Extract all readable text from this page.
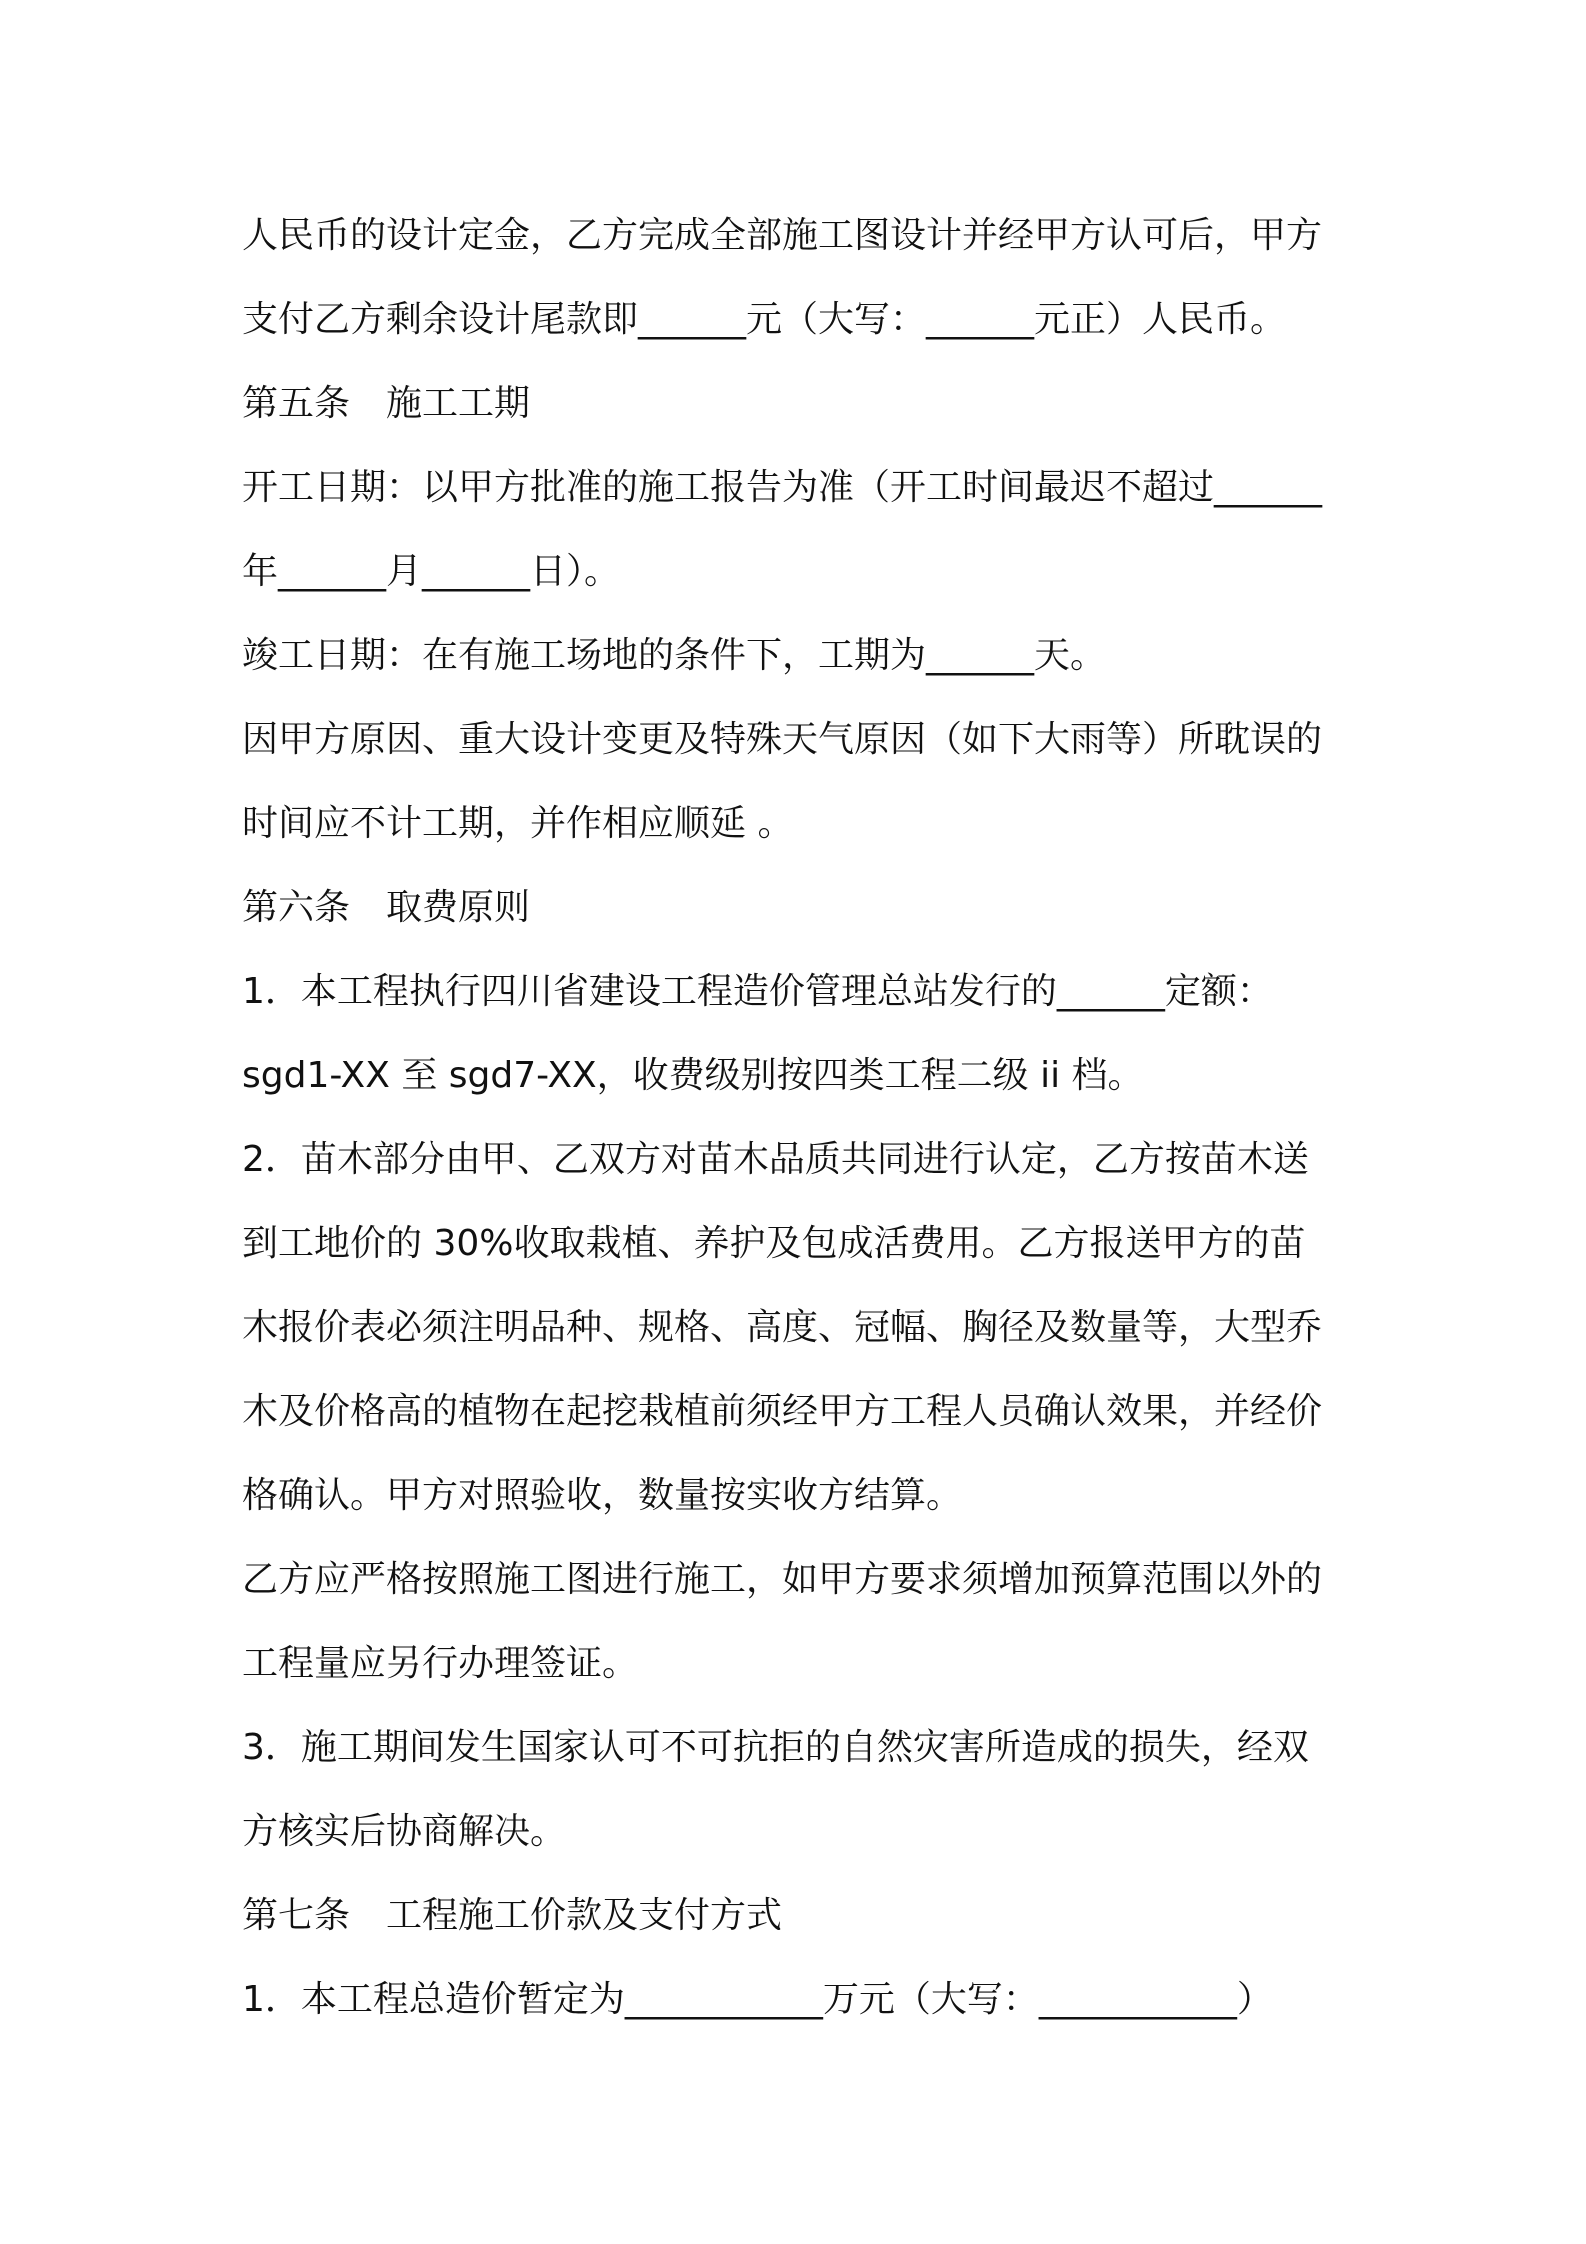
人民币的设计定金，乙方完成全部施工图设计并经甲方认可后，甲方
支付乙方剩余设计尾款即______元（大写：______元正）人民币。
第五条　施工工期
开工日期：以甲方批准的施工报告为准（开工时间最迟不超过______
年______月______日）。
竣工日期：在有施工场地的条件下，工期为______天。
因甲方原因、重大设计变更及特殊天气原因（如下大雨等）所耽误的
时间应不计工期，并作相应顺延 。
第六条　取费原则
1．本工程执行四川省建设工程造价管理总站发行的______定额：
sgd1-XX 至 sgd7-XX，收费级别按四类工程二级 ii 档。
2．苗木部分由甲、乙双方对苗木品质共同进行认定，乙方按苗木送
到工地价的 30%收取栽植、养护及包成活费用。乙方报送甲方的苗
木报价表必须注明品种、规格、高度、冠幅、胸径及数量等，大型乔
木及价格高的植物在起挖栽植前须经甲方工程人员确认效果，并经价
格确认。甲方对照验收，数量按实收方结算。
乙方应严格按照施工图进行施工，如甲方要求须增加预算范围以外的
工程量应另行办理签证。
3．施工期间发生国家认可不可抗拒的自然灾害所造成的损失，经双
方核实后协商解决。
第七条　工程施工价款及支付方式
1．本工程总造价暂定为___________万元（大写：___________）
